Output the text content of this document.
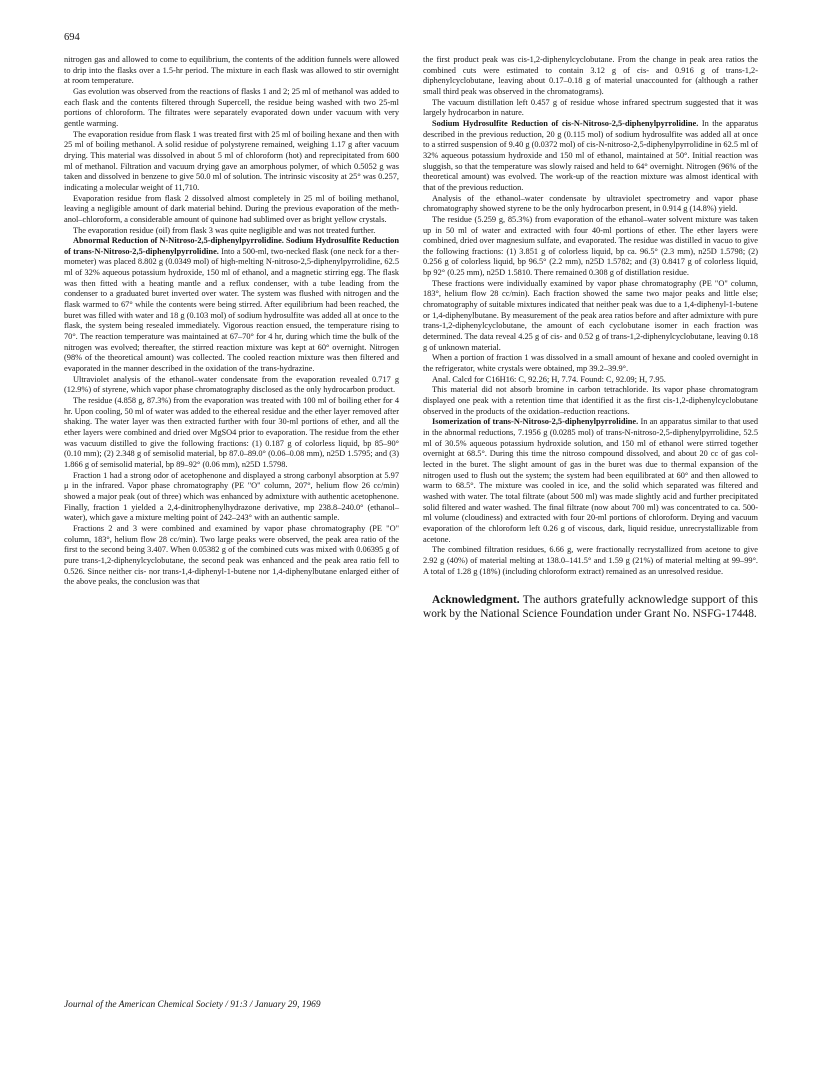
694

nitrogen gas and allowed to come to equilibrium, the contents of the addition funnels were allowed to drip into the flasks over a 1.5-hr period. The mixture in each flask was allowed to stir overnight at room temperature.

Gas evolution was observed from the reactions of flasks 1 and 2; 25 ml of methanol was added to each flask and the contents filtered through Supercell, the residue being washed with two 25-ml portions of chloroform. The filtrates were separately evaporated down under vacuum with very gentle warming.

The evaporation residue from flask 1 was treated first with 25 ml of boiling hexane and then with 25 ml of boiling methanol. A solid residue of polystyrene remained, weighing 1.17 g after vacuum drying. This material was dissolved in about 5 ml of chloroform (hot) and reprecipitated from 600 ml of methanol. Filtration and vacuum drying gave an amorphous polymer, of which 0.5052 g was taken and dissolved in benzene to give 50.0 ml of solution. The intrinsic viscosity at 25° was 0.257, indicating a molecular weight of 11,710.

Evaporation residue from flask 2 dissolved almost completely in 25 ml of boiling methanol, leaving a negligible amount of dark material behind. During the previous evaporation of the methanol–chloroform, a considerable amount of quinone had sublimed over as bright yellow crystals.

The evaporation residue (oil) from flask 3 was quite negligible and was not treated further.

Abnormal Reduction of N-Nitroso-2,5-diphenylpyrrolidine. Sodium Hydrosulfite Reduction of trans-N-Nitroso-2,5-diphenylpyrrolidine. Into a 500-ml, two-necked flask (one neck for a thermometer) was placed 8.802 g (0.0349 mol) of high-melting N-nitroso-2,5-diphenylpyrrolidine, 62.5 ml of 32% aqueous potassium hydroxide, 150 ml of ethanol, and a magnetic stirring egg. The flask was then fitted with a heating mantle and a reflux condenser, with a tube leading from the condenser to a graduated buret inverted over water. The system was flushed with nitrogen and the flask warmed to 67° while the contents were being stirred. After equilibrium had been reached, the buret was filled with water and 18 g (0.103 mol) of sodium hydrosulfite was added all at once to the flask, the system being resealed immediately. Vigorous reaction ensued, the temperature rising to 70°. The reaction temperature was maintained at 67–70° for 4 hr, during which time the bulk of the nitrogen was evolved; thereafter, the stirred reaction mixture was kept at 60° overnight. Nitrogen (98% of the theoretical amount) was collected. The cooled reaction mixture was then filtered and evaporated in the manner described in the oxidation of the trans-hydrazine.

Ultraviolet analysis of the ethanol–water condensate from the evaporation revealed 0.717 g (12.9%) of styrene, which vapor phase chromatography disclosed as the only hydrocarbon product.

The residue (4.858 g, 87.3%) from the evaporation was treated with 100 ml of boiling ether for 4 hr. Upon cooling, 50 ml of water was added to the ethereal residue and the ether layer removed after shaking. The water layer was then extracted further with four 30-ml portions of ether, and all the ether layers were combined and dried over MgSO4 prior to evaporation. The residue from the ether was vacuum distilled to give the following fractions: (1) 0.187 g of colorless liquid, bp 85–90° (0.10 mm); (2) 2.348 g of semisolid material, bp 87.0–89.0° (0.06–0.08 mm), n25D 1.5795; and (3) 1.866 g of semisolid material, bp 89–92° (0.06 mm), n25D 1.5798.

Fraction 1 had a strong odor of acetophenone and displayed a strong carbonyl absorption at 5.97 μ in the infrared. Vapor phase chromatography (PE "O" column, 207°, helium flow 26 cc/min) showed a major peak (out of three) which was enhanced by admixture with authentic acetophenone. Finally, fraction 1 yielded a 2,4-dinitrophenylhydrazone derivative, mp 238.8–240.0° (ethanol–water), which gave a mixture melting point of 242–243° with an authentic sample.

Fractions 2 and 3 were combined and examined by vapor phase chromatography (PE "O" column, 183°, helium flow 28 cc/min). Two large peaks were observed, the peak area ratio of the first to the second being 3.407. When 0.05382 g of the combined cuts was mixed with 0.06395 g of pure trans-1,2-diphenylcyclobutane, the second peak was enhanced and the peak area ratio fell to 0.526. Since neither cis- nor trans-1,4-diphenyl-1-butene nor 1,4-diphenylbutane enlarged either of the above peaks, the conclusion was that

the first product peak was cis-1,2-diphenylcyclobutane. From the change in peak area ratios the combined cuts were estimated to contain 3.12 g of cis- and 0.916 g of trans-1,2-diphenylcyclobutane, leaving about 0.17–0.18 g of material unaccounted for (although a rather small third peak was observed in the chromatograms).

The vacuum distillation left 0.457 g of residue whose infrared spectrum suggested that it was largely hydrocarbon in nature.

Sodium Hydrosulfite Reduction of cis-N-Nitroso-2,5-diphenylpyrrolidine. In the apparatus described in the previous reduction, 20 g (0.115 mol) of sodium hydrosulfite was added all at once to a stirred suspension of 9.40 g (0.0372 mol) of cis-N-nitroso-2,5-diphenylpyrrolidine in 62.5 ml of 32% aqueous potassium hydroxide and 150 ml of ethanol, maintained at 50°. Initial reaction was sluggish, so that the temperature was slowly raised and held to 64° overnight. Nitrogen (96% of the theoretical amount) was evolved. The work-up of the reaction mixture was almost identical with that of the previous reduction.

Analysis of the ethanol–water condensate by ultraviolet spectrometry and vapor phase chromatography showed styrene to be the only hydrocarbon present, in 0.914 g (14.8%) yield.

The residue (5.259 g, 85.3%) from evaporation of the ethanol–water solvent mixture was taken up in 50 ml of water and extracted with four 40-ml portions of ether. The ether layers were combined, dried over magnesium sulfate, and evaporated. The residue was distilled in vacuo to give the following fractions: (1) 3.851 g of colorless liquid, bp ca. 96.5° (2.3 mm), n25D 1.5798; (2) 0.256 g of colorless liquid, bp 96.5° (2.2 mm), n25D 1.5782; and (3) 0.8417 g of colorless liquid, bp 92° (0.25 mm), n25D 1.5810. There remained 0.308 g of distillation residue.

These fractions were individually examined by vapor phase chromatography (PE "O" column, 183°, helium flow 28 cc/min). Each fraction showed the same two major peaks and little else; chromatography of suitable mixtures indicated that neither peak was due to a 1,4-diphenyl-1-butene or 1,4-diphenylbutane. By measurement of the peak area ratios before and after admixture with pure trans-1,2-diphenylcyclobutane, the amount of each cyclobutane isomer in each fraction was determined. The data reveal 4.25 g of cis- and 0.52 g of trans-1,2-diphenylcyclobutane, leaving 0.18 g of unknown material.

When a portion of fraction 1 was dissolved in a small amount of hexane and cooled overnight in the refrigerator, white crystals were obtained, mp 39.2–39.9°.

Anal. Calcd for C16H16: C, 92.26; H, 7.74. Found: C, 92.09; H, 7.95.

This material did not absorb bromine in carbon tetrachloride. Its vapor phase chromatogram displayed one peak with a retention time that identified it as the first cis-1,2-diphenylcyclobutane observed in the products of the oxidation–reduction reactions.

Isomerization of trans-N-Nitroso-2,5-diphenylpyrrolidine. In an apparatus similar to that used in the abnormal reductions, 7.1956 g (0.0285 mol) of trans-N-nitroso-2,5-diphenylpyrrolidine, 52.5 ml of 30.5% aqueous potassium hydroxide solution, and 150 ml of ethanol were stirred together overnight at 68.5°. During this time the nitroso compound dissolved, and about 20 cc of gas collected in the buret. The slight amount of gas in the buret was due to thermal expansion of the nitrogen used to flush out the system; the system had been equilibrated at 60° and then allowed to warm to 68.5°. The mixture was cooled in ice, and the solid which separated was filtered and washed with water. The total filtrate (about 500 ml) was made slightly acid and further precipitated solid filtered and water washed. The final filtrate (now about 700 ml) was concentrated to ca. 500-ml volume (cloudiness) and extracted with four 20-ml portions of chloroform. Drying and vacuum evaporation of the chloroform left 0.26 g of viscous, dark, liquid residue, unrecrystallizable from acetone.

The combined filtration residues, 6.66 g, were fractionally recrystallized from acetone to give 2.92 g (40%) of material melting at 138.0–141.5° and 1.59 g (21%) of material melting at 99–99°. A total of 1.28 g (18%) (including chloroform extract) remained as an unresolved residue.

Acknowledgment. The authors gratefully acknowledge support of this work by the National Science Foundation under Grant No. NSFG-17448.

Journal of the American Chemical Society / 91:3 / January 29, 1969
